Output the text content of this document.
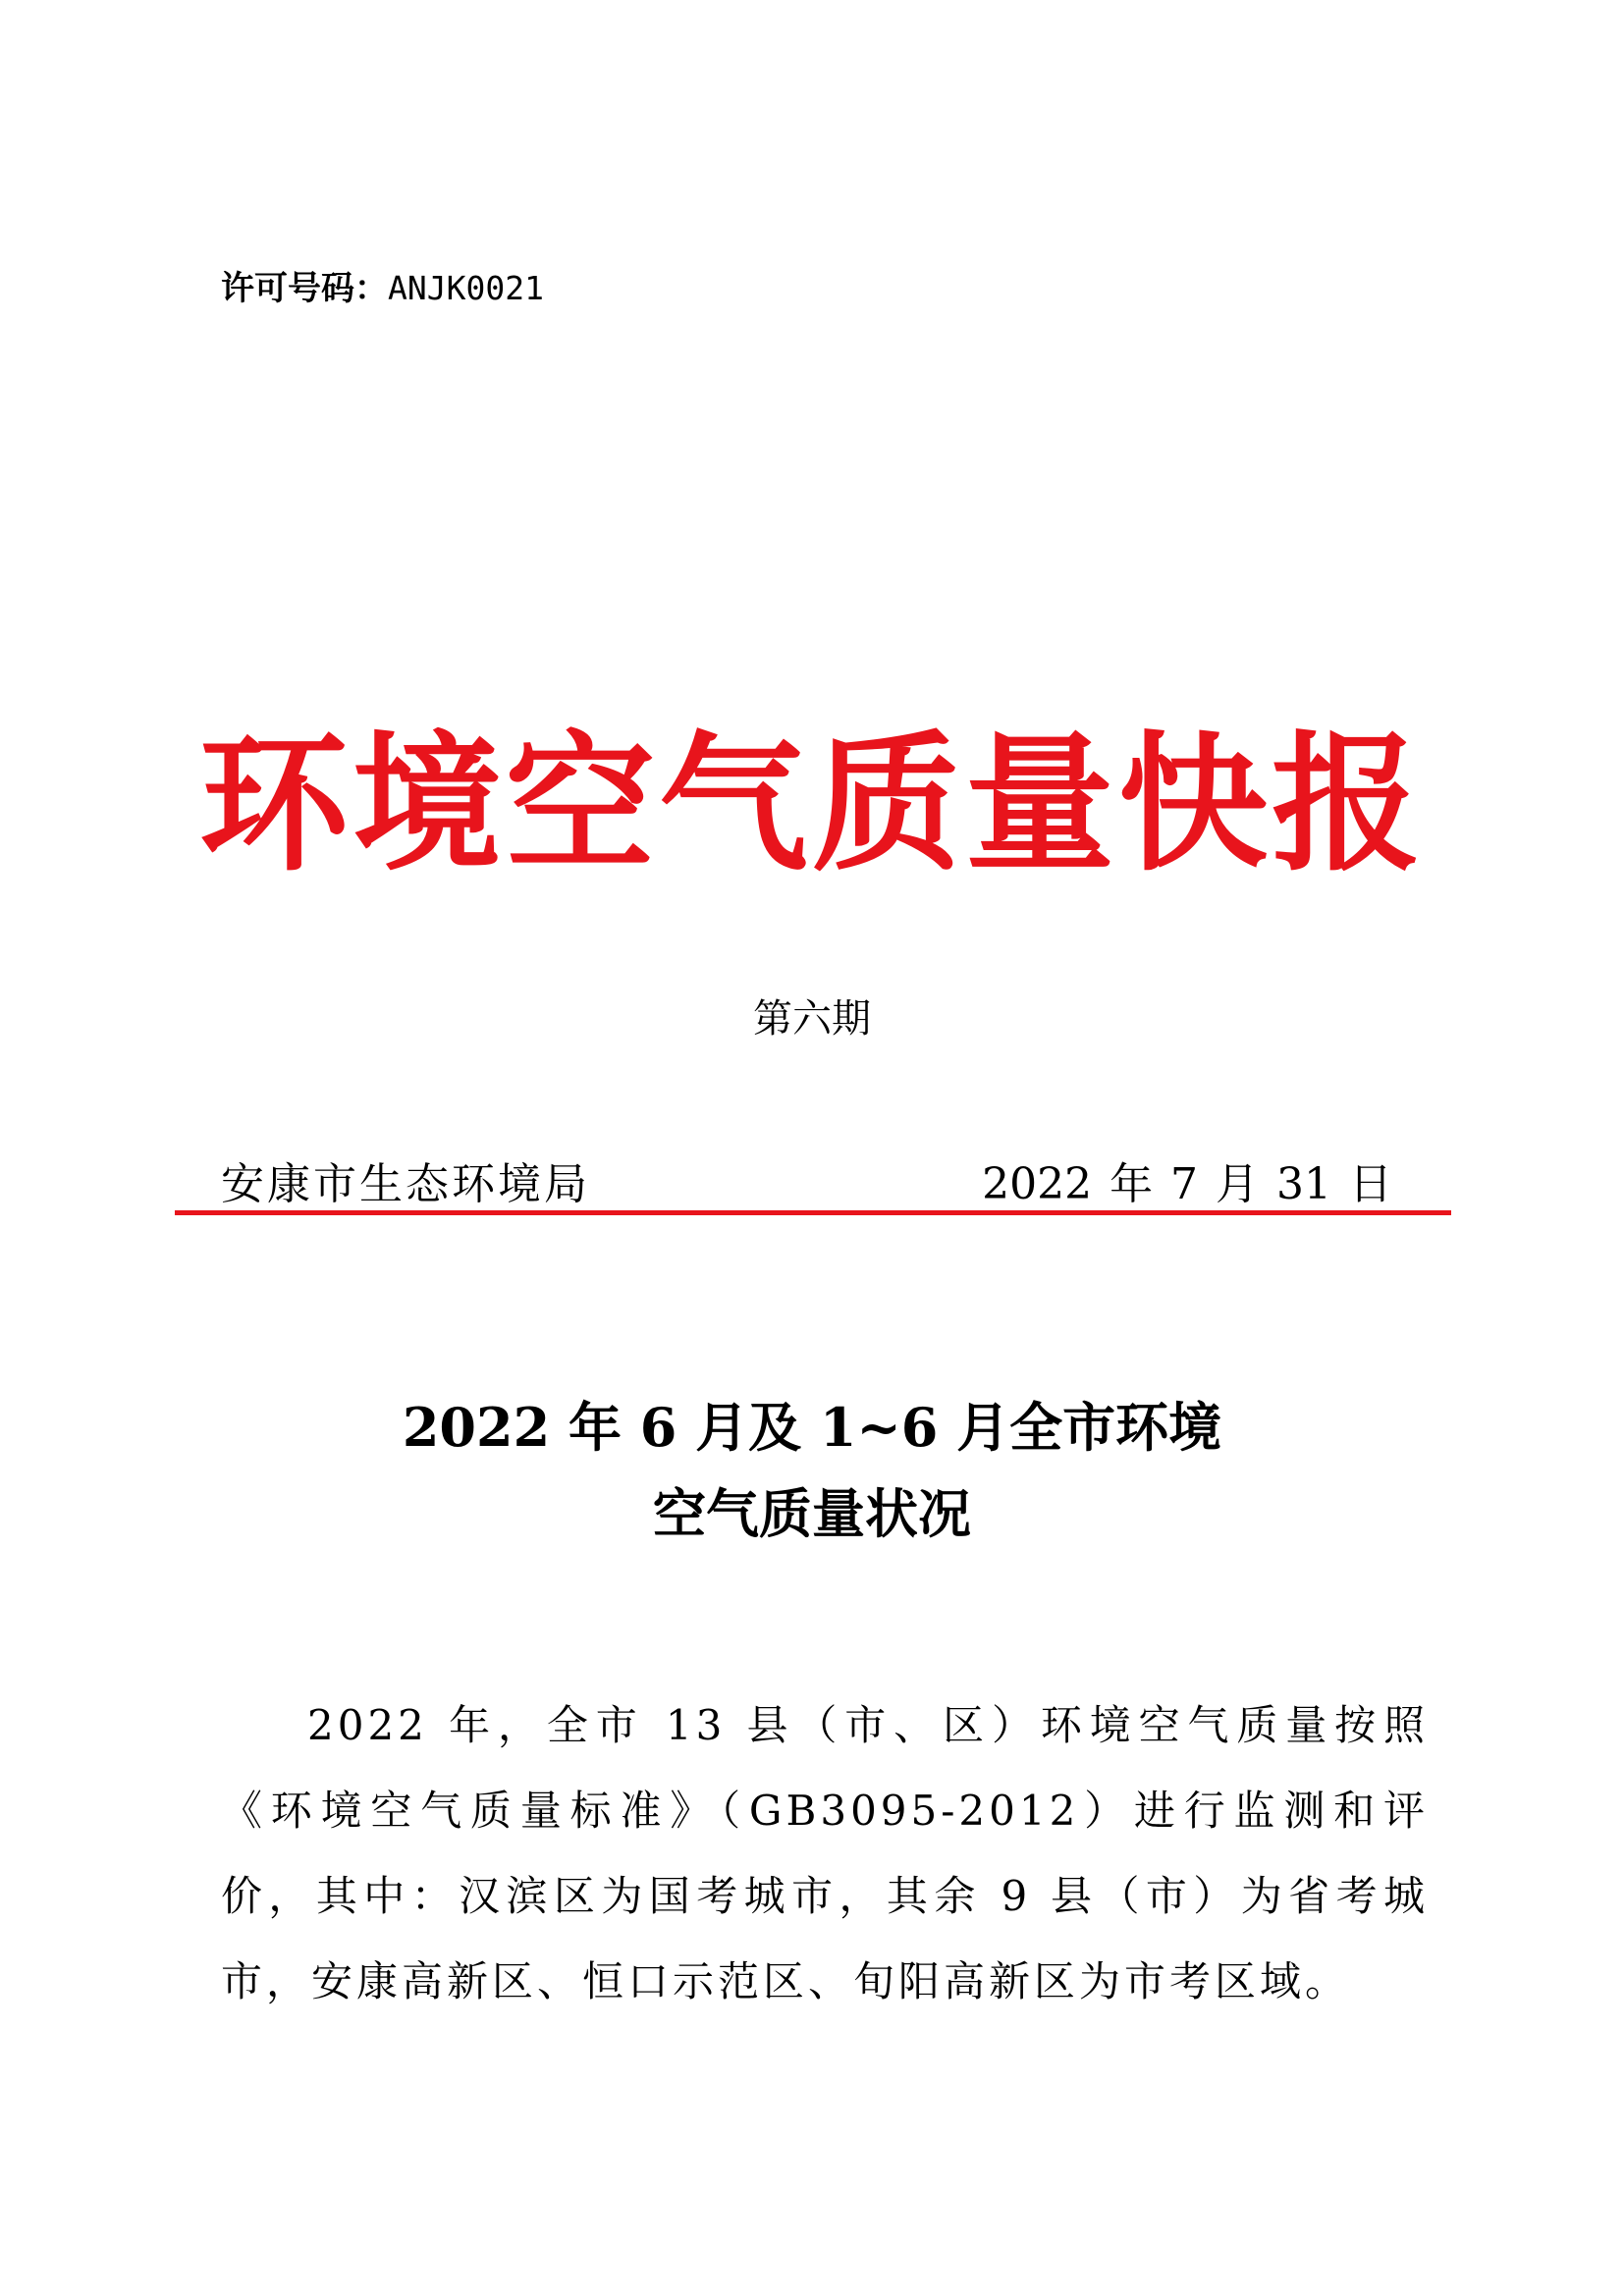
许可号码：ANJK0021
环境空气质量快报
第六期
安康市生态环境局	2022 年 7 月 31 日
2022 年 6 月及 1~6 月全市环境
空气质量状况

2022 年，全市 13 县（市、区）环境空气质量按照《环境空气质量标准》（GB3095-2012）进行监测和评价，其中：汉滨区为国考城市，其余 9 县（市）为省考城市，安康高新区、恒口示范区、旬阳高新区为市考区域。
